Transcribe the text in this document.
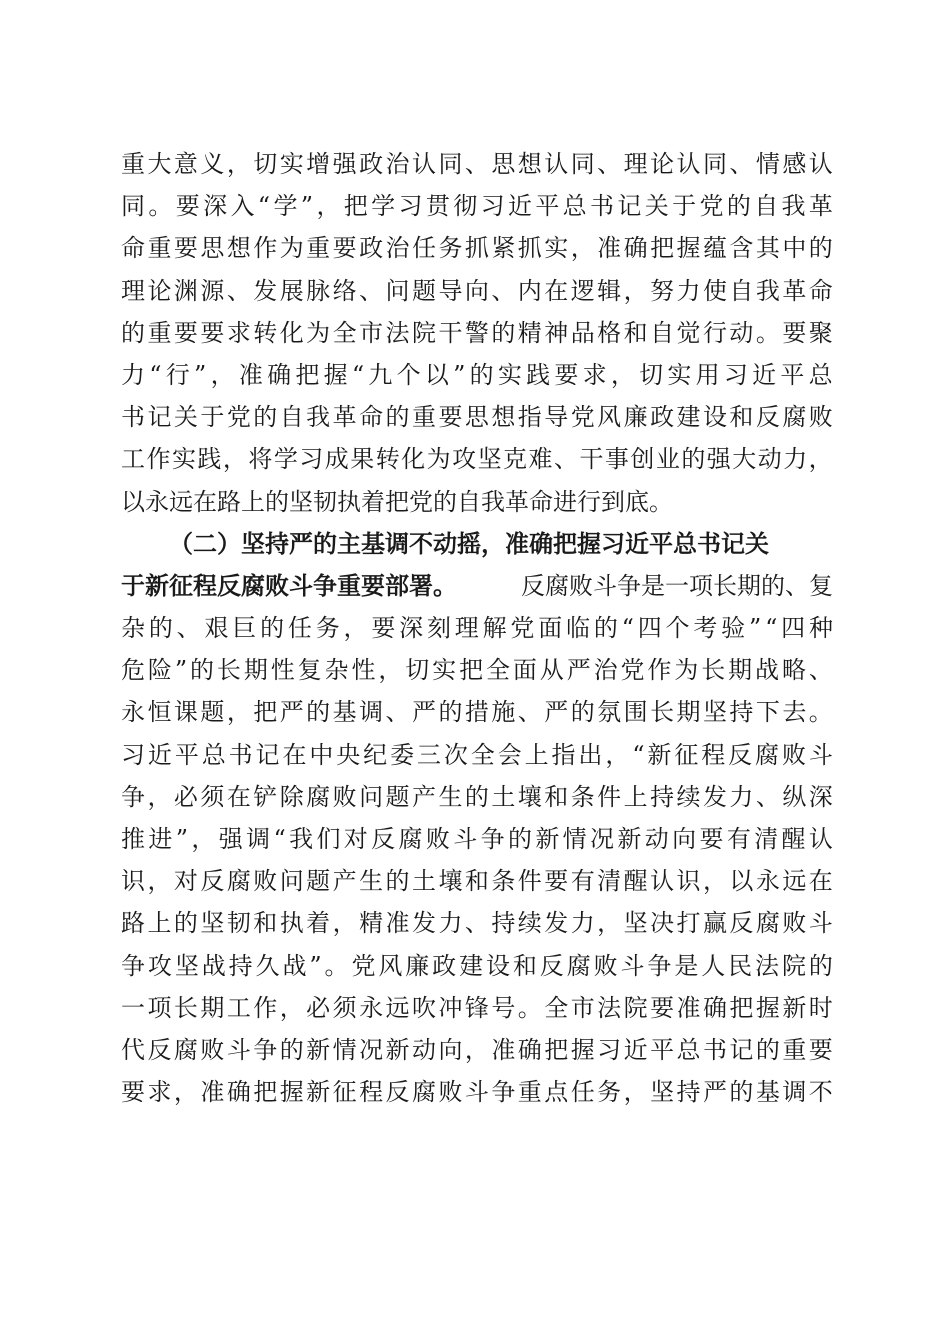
重 大 意 义 ， 切 实 增 强 政 治 认 同 、 思 想 认 同 、 理 论 认 同 、 情 感 认
同 。 要 深 入 “ 学 ” ， 把 学 习 贯 彻 习 近 平 总 书 记 关 于 党 的 自 我 革
命 重 要 思 想 作 为 重 要 政 治 任 务 抓 紧 抓 实 ， 准 确 把 握 蕴 含 其 中 的
理 论 渊 源 、 发 展 脉 络 、 问 题 导 向 、 内 在 逻 辑 ， 努 力 使 自 我 革 命
的 重 要 要 求 转 化 为 全 市 法 院 干 警 的 精 神 品 格 和 自 觉 行 动 。 要 聚
力 “ 行 ” ， 准 确 把 握 “ 九 个 以 ” 的 实 践 要 求 ， 切 实 用 习 近 平 总
书 记 关 于 党 的 自 我 革 命 的 重 要 思 想 指 导 党 风 廉 政 建 设 和 反 腐 败
工 作 实 践 ， 将 学 习 成 果 转 化 为 攻 坚 克 难 、 干 事 创 业 的 强 大 动 力 ，
以永远在路上的坚韧执着把党的自我革命进行到底。
（二）坚持严的主基调不动摇，准确把握习近平总书记关
于新征程反腐败斗争重要部署。	反腐败斗争是一项长期的、复
杂 的 、 艰 巨 的 任 务 ， 要 深 刻 理 解 党 面 临 的 “ 四 个 考 验 ” “ 四 种
危 险 ” 的 长 期 性 复 杂 性 ， 切 实 把 全 面 从 严 治 党 作 为 长 期 战 略 、
永 恒 课 题 ， 把 严 的 基 调 、 严 的 措 施 、 严 的 氛 围 长 期 坚 持 下 去 。
习 近 平 总 书 记 在 中 央 纪 委 三 次 全 会 上 指 出 ， “ 新 征 程 反 腐 败 斗
争 ， 必 须 在 铲 除 腐 败 问 题 产 生 的 土 壤 和 条 件 上 持 续 发 力 、 纵 深
推 进 ” ， 强 调 “ 我 们 对 反 腐 败 斗 争 的 新 情 况 新 动 向 要 有 清 醒 认
识 ， 对 反 腐 败 问 题 产 生 的 土 壤 和 条 件 要 有 清 醒 认 识 ， 以 永 远 在
路 上 的 坚 韧 和 执 着 ， 精 准 发 力 、 持 续 发 力 ， 坚 决 打 赢 反 腐 败 斗
争 攻 坚 战 持 久 战 ” 。 党 风 廉 政 建 设 和 反 腐 败 斗 争 是 人 民 法 院 的
一 项 长 期 工 作 ， 必 须 永 远 吹 冲 锋 号 。 全 市 法 院 要 准 确 把 握 新 时
代 反 腐 败 斗 争 的 新 情 况 新 动 向 ， 准 确 把 握 习 近 平 总 书 记 的 重 要
要 求 ， 准 确 把 握 新 征 程 反 腐 败 斗 争 重 点 任 务 ， 坚 持 严 的 基 调 不
